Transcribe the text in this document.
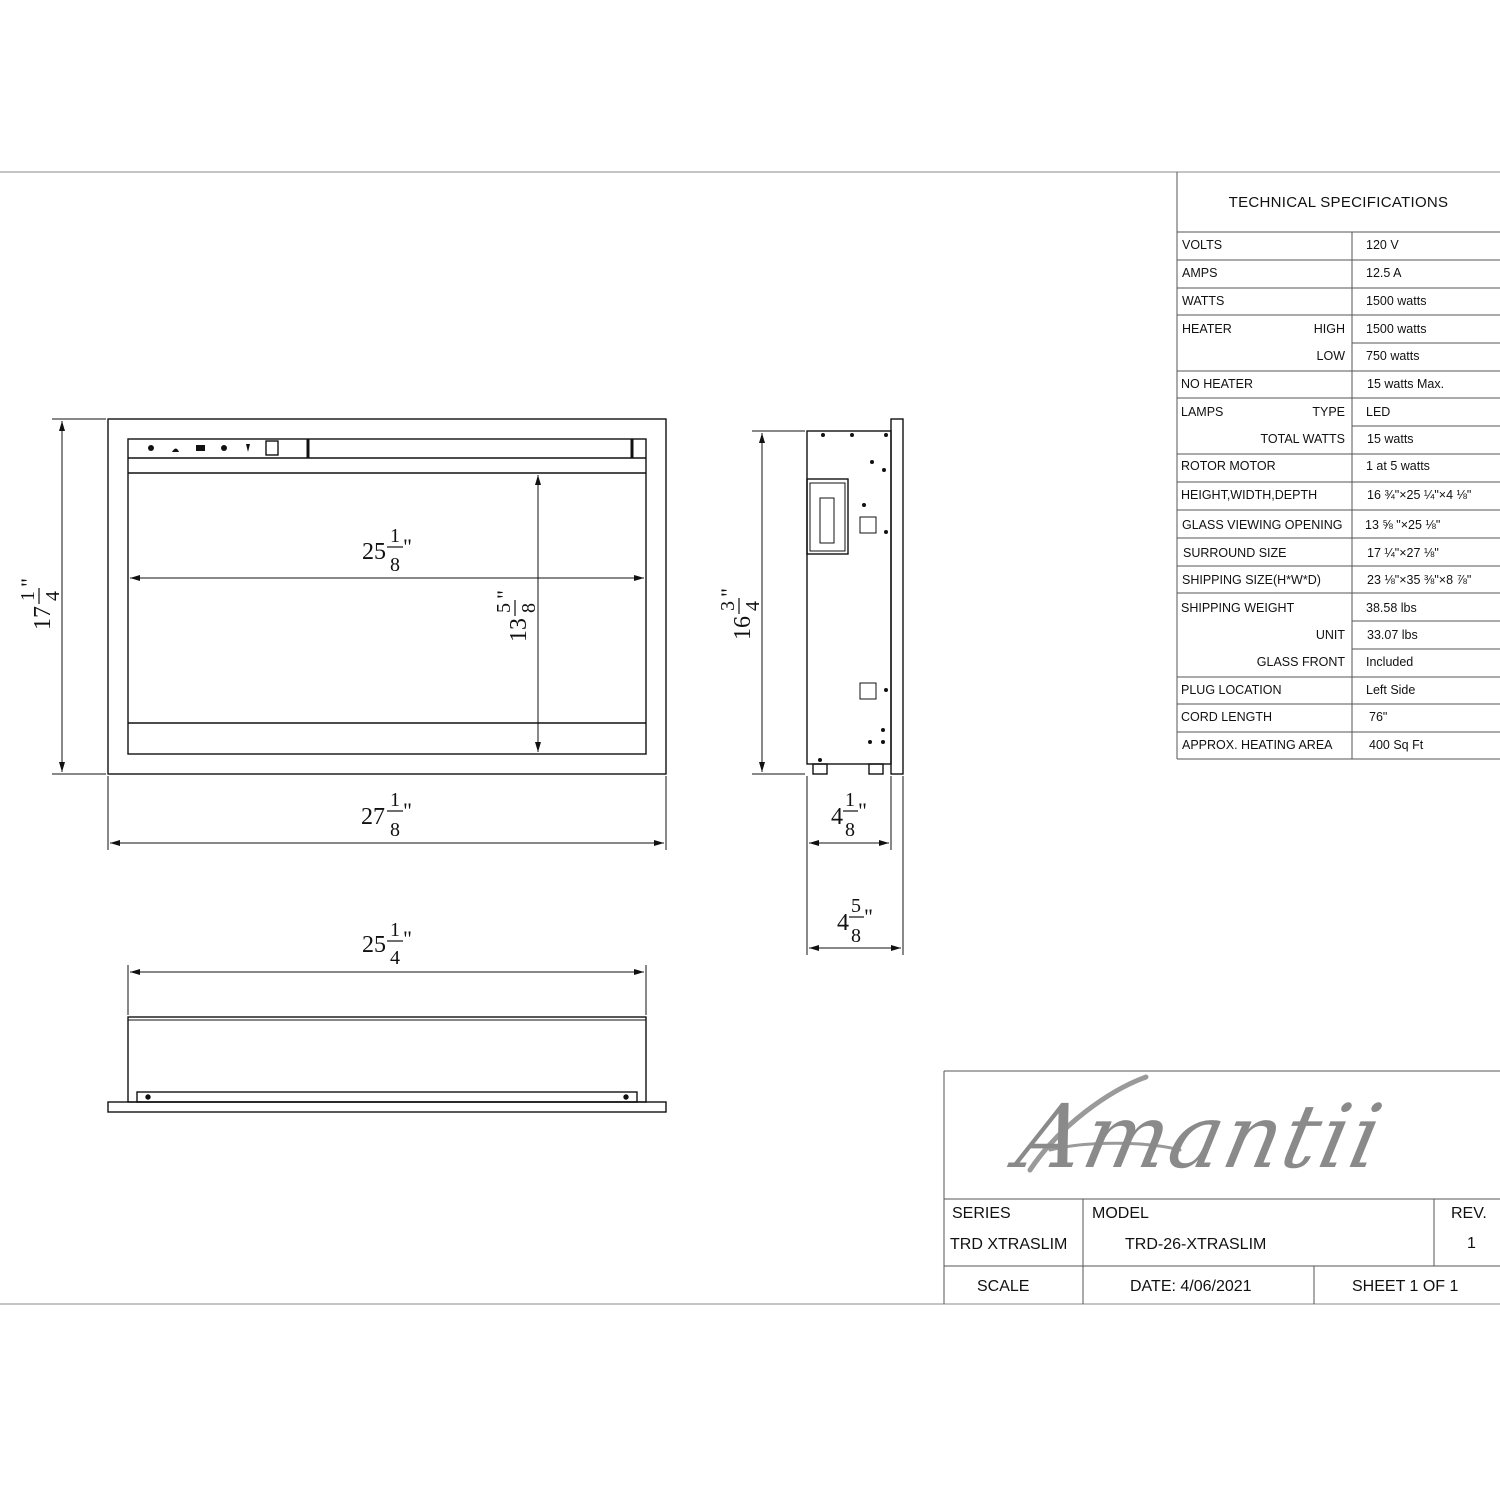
27
1
8
"
25
1
8
"
25
1
4
"
17
1 4
"
13
5 8
"
16
3 4
"
4
1
8
"
4
5
8
"
TECHNICAL SPECIFICATIONS
VOLTS	120 V
AMPS	12.5 A
WATTS	1500 watts
HEATER	HIGH 1500 watts
LOW 750 watts
NO HEATER	15 watts Max.
LAMPS	TYPE LED
TOTAL WATTS 15 watts
ROTOR MOTOR	1 at 5 watts
HEIGHT,WIDTH,DEPTH	16 ¾"×25 ¼"×4 ⅛"
GLASS VIEWING OPENING 13 ⅝ "×25 ⅛"
SURROUND SIZE	17 ¼"×27 ⅛"
SHIPPING SIZE(H*W*D)	23 ⅛"×35 ⅜"×8 ⅞"
SHIPPING WEIGHT	38.58 lbs
UNIT 33.07 lbs
GLASS FRONT Included
PLUG LOCATION	Left Side
CORD LENGTH	76"
APPROX. HEATING AREA	400 Sq Ft
Amantii
SERIES
TRD XTRASLIM
MODEL
TRD-26-XTRASLIM
REV.
1
SCALE	DATE: 4/06/2021	SHEET 1 OF 1
